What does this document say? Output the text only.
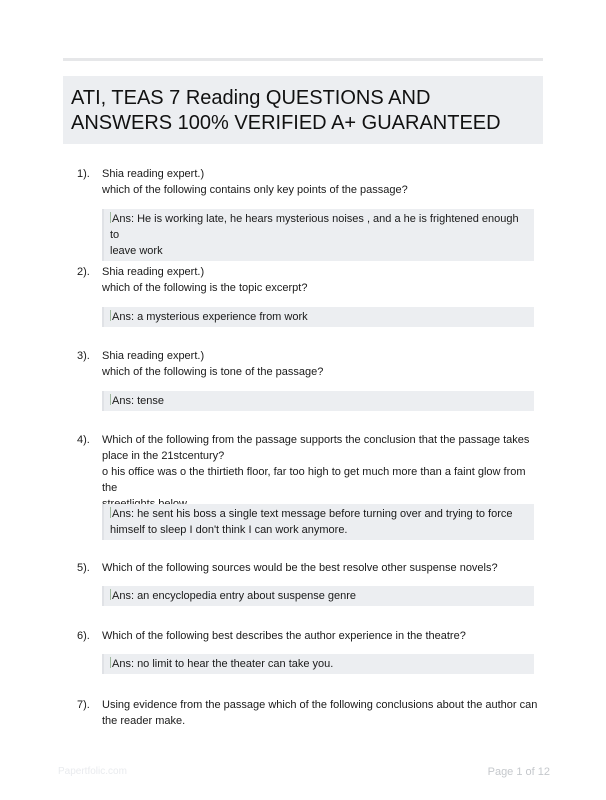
ATI, TEAS 7 Reading QUESTIONS AND
ANSWERS 100% VERIFIED A+ GUARANTEED
1). Shia reading expert.)
which of the following contains only key points of the passage?
Ans: He is working late, he hears mysterious noises , and a he is frightened enough to
leave work
2). Shia reading expert.)
which of the following is the topic excerpt?
Ans: a mysterious experience from work
3). Shia reading expert.)
which of the following is tone of the passage?
Ans: tense
4). Which of the following from the passage supports the conclusion that the passage takes
place in the 21stcentury?
o his office was o the thirtieth floor, far too high to get much more than a faint glow from the
Ans: he sent his boss a single text message before turning over and trying to force
himself to sleep I don't think I can work anymore.
5). Which of the following sources would be the best resolve other suspense novels?
Ans: an encyclopedia entry about suspense genre
6). Which of the following best describes the author experience in the theatre?
Ans: no limit to hear the theater can take you.
7). Using evidence from the passage which of the following conclusions about the author can
the reader make.
Papertfolic.com	Page 1 of 12
